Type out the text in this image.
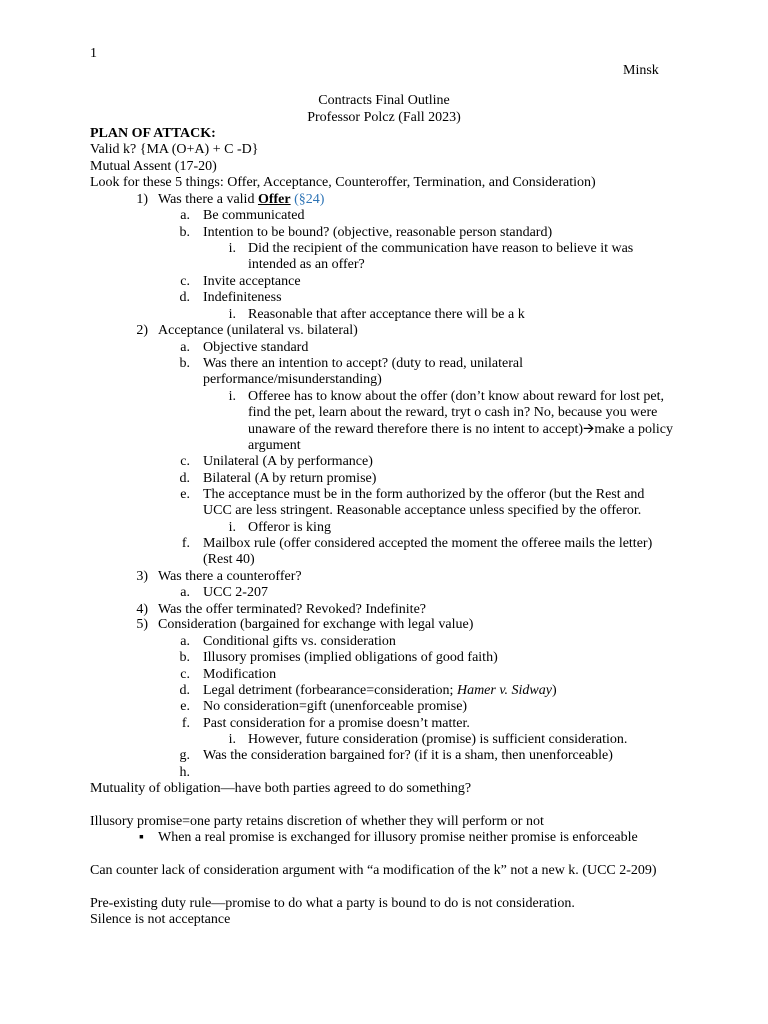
1
Minsk
Contracts Final Outline
Professor Polcz (Fall 2023)
PLAN OF ATTACK:
Valid k? {MA (O+A) + C -D}
Mutual Assent (17-20)
Look for these 5 things: Offer, Acceptance, Counteroffer, Termination, and Consideration)
1) Was there a valid Offer (§24)
a. Be communicated
b. Intention to be bound? (objective, reasonable person standard)
i. Did the recipient of the communication have reason to believe it was intended as an offer?
c. Invite acceptance
d. Indefiniteness
i. Reasonable that after acceptance there will be a k
2) Acceptance (unilateral vs. bilateral)
a. Objective standard
b. Was there an intention to accept? (duty to read, unilateral performance/misunderstanding)
i. Offeree has to know about the offer (don’t know about reward for lost pet, find the pet, learn about the reward, tryt o cash in? No, because you were unaware of the reward therefore there is no intent to accept)🡪make a policy argument
c. Unilateral (A by performance)
d. Bilateral (A by return promise)
e. The acceptance must be in the form authorized by the offeror (but the Rest and UCC are less stringent. Reasonable acceptance unless specified by the offeror.
i. Offeror is king
f. Mailbox rule (offer considered accepted the moment the offeree mails the letter) (Rest 40)
3) Was there a counteroffer?
a. UCC 2-207
4) Was the offer terminated? Revoked? Indefinite?
5) Consideration (bargained for exchange with legal value)
a. Conditional gifts vs. consideration
b. Illusory promises (implied obligations of good faith)
c. Modification
d. Legal detriment (forbearance=consideration; Hamer v. Sidway)
e. No consideration=gift (unenforceable promise)
f. Past consideration for a promise doesn’t matter.
i. However, future consideration (promise) is sufficient consideration.
g. Was the consideration bargained for? (if it is a sham, then unenforceable)
h.
Mutuality of obligation—have both parties agreed to do something?
Illusory promise=one party retains discretion of whether they will perform or not
▪ When a real promise is exchanged for illusory promise neither promise is enforceable
Can counter lack of consideration argument with “a modification of the k” not a new k. (UCC 2-209)
Pre-existing duty rule—promise to do what a party is bound to do is not consideration.
Silence is not acceptance
